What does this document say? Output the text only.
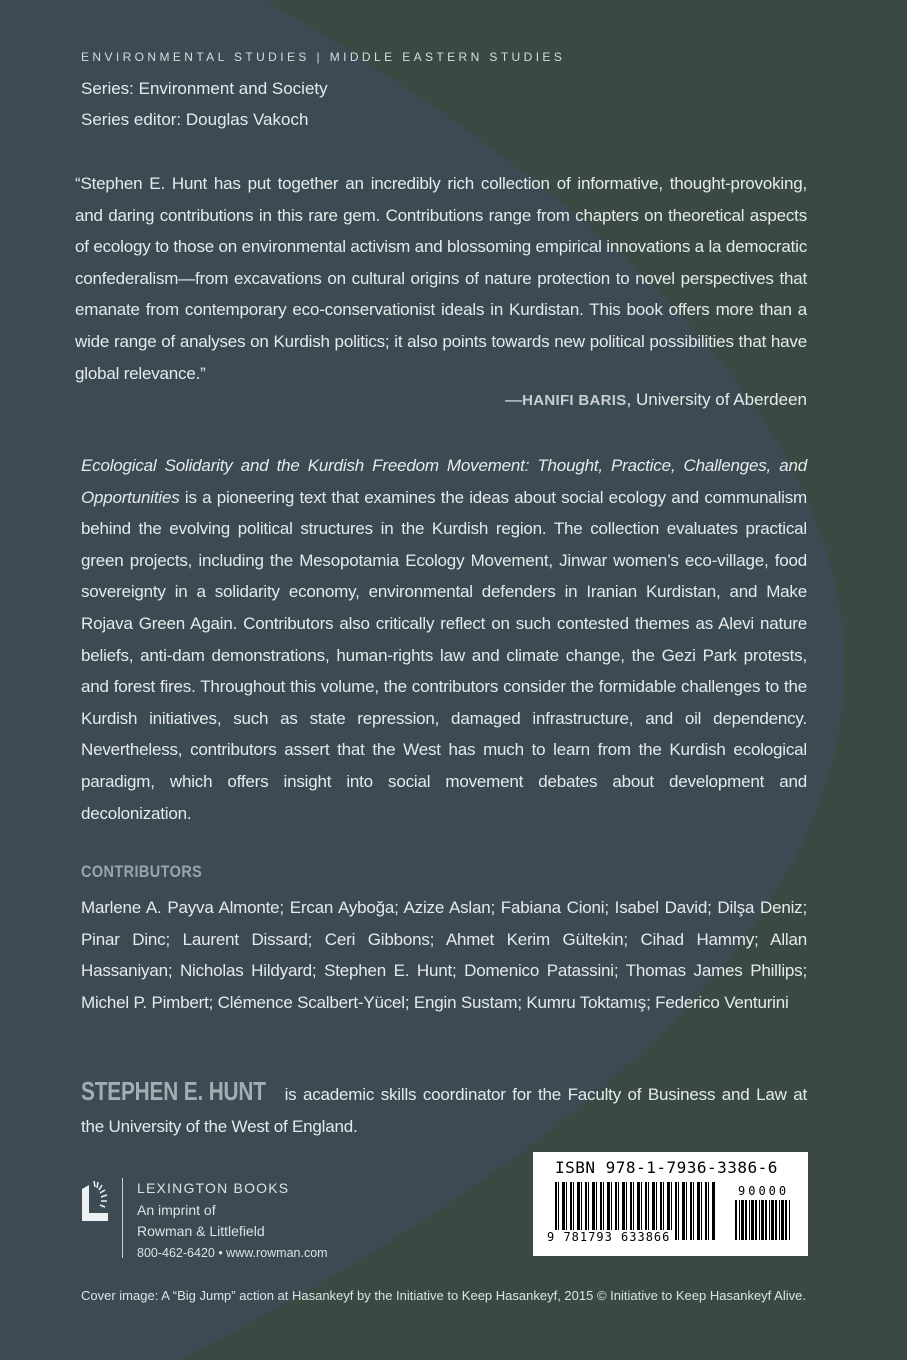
ENVIRONMENTAL STUDIES | MIDDLE EASTERN STUDIES
Series: Environment and Society
Series editor: Douglas Vakoch
“Stephen E. Hunt has put together an incredibly rich collection of informative, thought-provoking, and daring contributions in this rare gem. Contributions range from chapters on theoretical aspects of ecology to those on environmental activism and blossoming empirical innovations a la democratic confederalism—from excavations on cultural origins of nature protection to novel perspectives that emanate from contemporary eco-conservationist ideals in Kurdistan. This book offers more than a wide range of analyses on Kurdish politics; it also points towards new political possibilities that have global relevance.”
—HANIFI BARIS, University of Aberdeen
Ecological Solidarity and the Kurdish Freedom Movement: Thought, Practice, Challenges, and Opportunities is a pioneering text that examines the ideas about social ecology and communalism behind the evolving political structures in the Kurdish region. The collection evaluates practical green projects, including the Mesopotamia Ecology Movement, Jinwar women’s eco-village, food sovereignty in a solidarity economy, environmental defenders in Iranian Kurdistan, and Make Rojava Green Again. Contributors also critically reflect on such contested themes as Alevi nature beliefs, anti-dam demonstrations, human-rights law and climate change, the Gezi Park protests, and forest fires. Throughout this volume, the contributors consider the formidable challenges to the Kurdish initiatives, such as state repression, damaged infrastructure, and oil dependency. Nevertheless, contributors assert that the West has much to learn from the Kurdish ecological paradigm, which offers insight into social movement debates about development and decolonization.
CONTRIBUTORS
Marlene A. Payva Almonte; Ercan Ayboğa; Azize Aslan; Fabiana Cioni; Isabel David; Dilşa Deniz; Pinar Dinc; Laurent Dissard; Ceri Gibbons; Ahmet Kerim Gültekin; Cihad Hammy; Allan Hassaniyan; Nicholas Hildyard; Stephen E. Hunt; Domenico Patassini; Thomas James Phillips; Michel P. Pimbert; Clémence Scalbert-Yücel; Engin Sustam; Kumru Toktamış; Federico Venturini
STEPHEN E. HUNT is academic skills coordinator for the Faculty of Business and Law at the University of the West of England.
LEXINGTON BOOKS
An imprint of
Rowman & Littlefield
800-462-6420 • www.rowman.com
ISBN 978-1-7936-3386-6
90000
9 781793 633866
Cover image: A “Big Jump” action at Hasankeyf by the Initiative to Keep Hasankeyf, 2015 © Initiative to Keep Hasankeyf Alive.
